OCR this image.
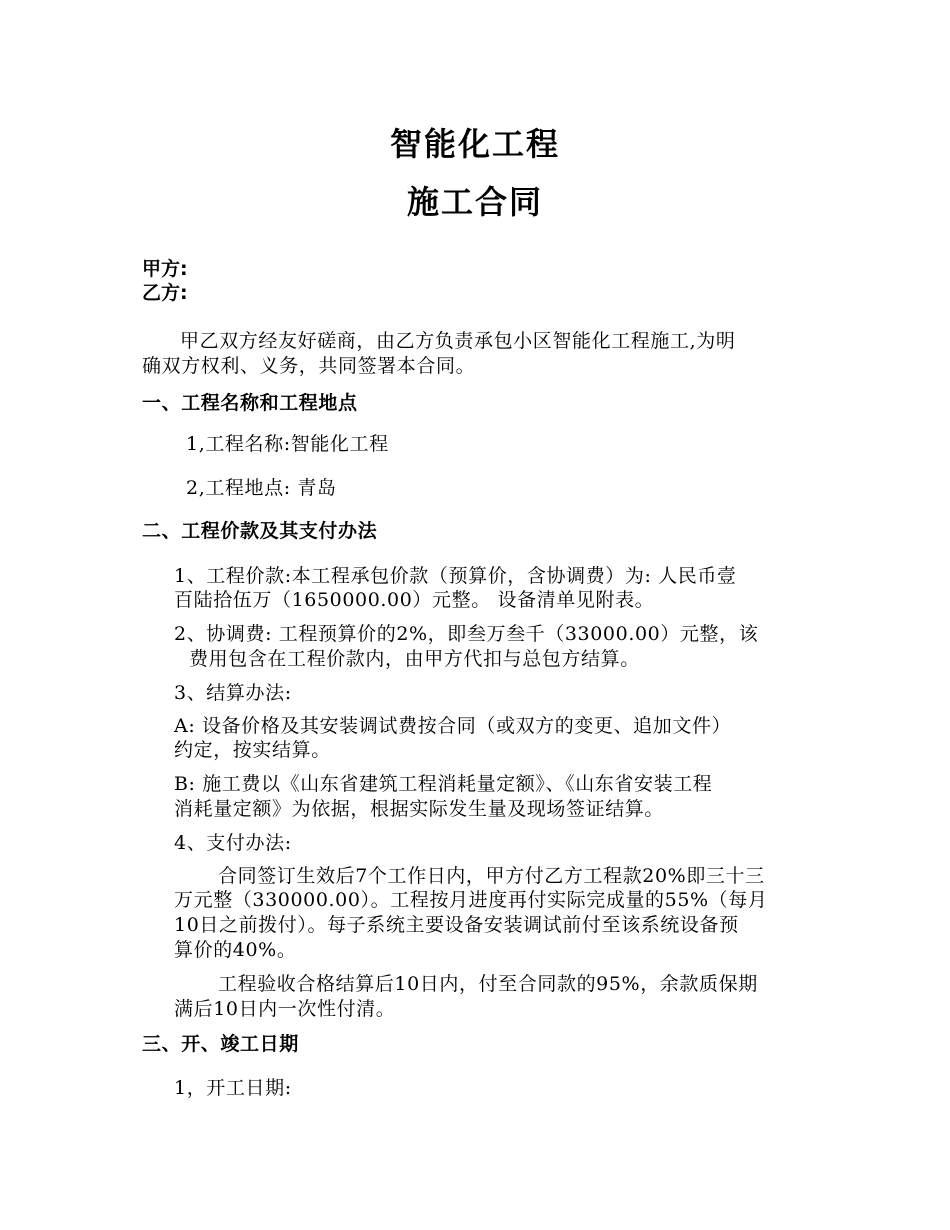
智能化工程
施工合同
甲方:
乙方:
甲乙双方经友好磋商，由乙方负责承包小区智能化工程施工,为明
确双方权利、义务，共同签署本合同。
一、工程名称和工程地点
1,工程名称:智能化工程
2,工程地点: 青岛
二、工程价款及其支付办法
1、工程价款:本工程承包价款（预算价，含协调费）为: 人民币壹
百陆拾伍万（1650000.00）元整。 设备清单见附表。
2、协调费: 工程预算价的2%，即叁万叁千（33000.00）元整，该
费用包含在工程价款内，由甲方代扣与总包方结算。
3、结算办法:
A: 设备价格及其安装调试费按合同（或双方的变更、追加文件）
约定，按实结算。
B: 施工费以《山东省建筑工程消耗量定额》、《山东省安装工程
消耗量定额》为依据，根据实际发生量及现场签证结算。
4、支付办法:
合同签订生效后7个工作日内，甲方付乙方工程款20%即三十三
万元整（330000.00）。工程按月进度再付实际完成量的55%（每月
10日之前拨付）。每子系统主要设备安装调试前付至该系统设备预
算价的40%。
工程验收合格结算后10日内，付至合同款的95%，余款质保期
满后10日内一次性付清。
三、开、竣工日期
1，开工日期:
